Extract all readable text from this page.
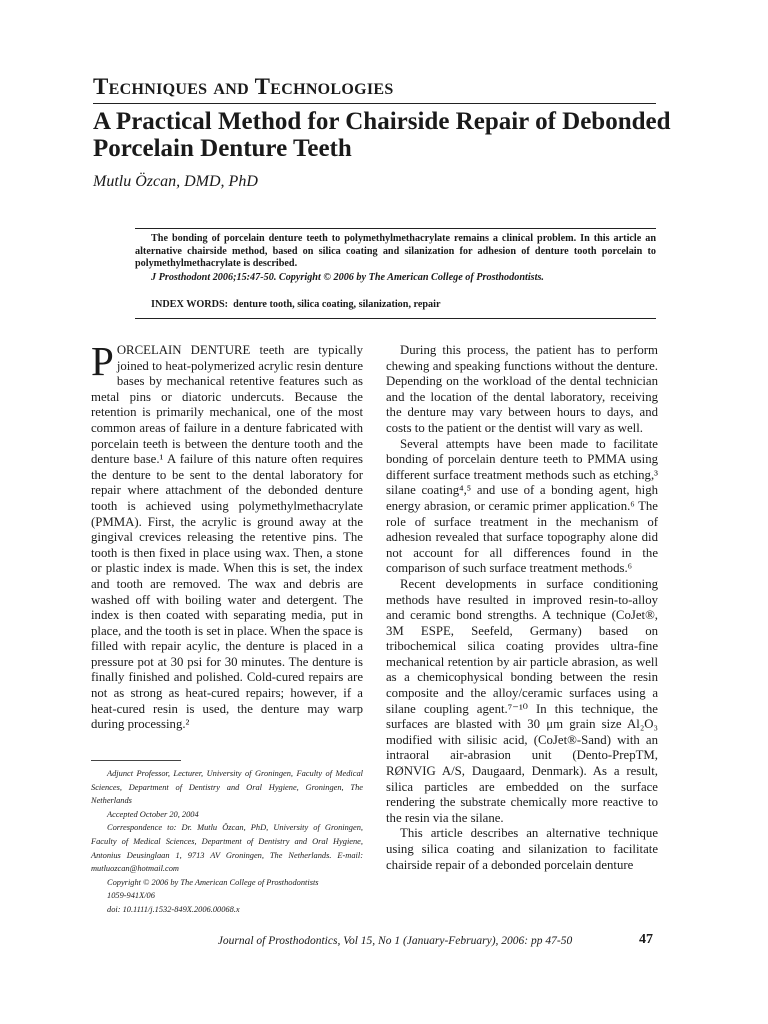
Techniques and Technologies
A Practical Method for Chairside Repair of Debonded Porcelain Denture Teeth
Mutlu Özcan, DMD, PhD

The bonding of porcelain denture teeth to polymethylmethacrylate remains a clinical problem. In this article an alternative chairside method, based on silica coating and silanization for adhesion of denture tooth porcelain to polymethylmethacrylate is described.

J Prosthodont 2006;15:47-50. Copyright © 2006 by The American College of Prosthodontists.
INDEX WORDS: denture tooth, silica coating, silanization, repair

PORCELAIN DENTURE teeth are typically joined to heat-polymerized acrylic resin denture bases by mechanical retentive features such as metal pins or diatoric undercuts. Because the retention is primarily mechanical, one of the most common areas of failure in a denture fabricated with porcelain teeth is between the denture tooth and the denture base.¹ A failure of this nature often requires the denture to be sent to the dental laboratory for repair where attachment of the debonded denture tooth is achieved using polymethylmethacrylate (PMMA). First, the acrylic is ground away at the gingival crevices releasing the retentive pins. The tooth is then fixed in place using wax. Then, a stone or plastic index is made. When this is set, the index and tooth are removed. The wax and debris are washed off with boiling water and detergent. The index is then coated with separating media, put in place, and the tooth is set in place. When the space is filled with repair acylic, the denture is placed in a pressure pot at 30 psi for 30 minutes. The denture is finally finished and polished. Cold-cured repairs are not as strong as heat-cured repairs; however, if a heat-cured resin is used, the denture may warp during processing.²

Adjunct Professor, Lecturer, University of Groningen, Faculty of Medical Sciences, Department of Dentistry and Oral Hygiene, Groningen, The Netherlands

Accepted October 20, 2004

Correspondence to: Dr. Mutlu Özcan, PhD, University of Groningen, Faculty of Medical Sciences, Department of Dentistry and Oral Hygiene, Antonius Deusinglaan 1, 9713 AV Groningen, The Netherlands. E-mail: mutluozcan@hotmail.com

Copyright © 2006 by The American College of Prosthodontists

1059-941X/06

doi: 10.1111/j.1532-849X.2006.00068.x

During this process, the patient has to perform chewing and speaking functions without the denture. Depending on the workload of the dental technician and the location of the dental laboratory, receiving the denture may vary between hours to days, and costs to the patient or the dentist will vary as well.

Several attempts have been made to facilitate bonding of porcelain denture teeth to PMMA using different surface treatment methods such as etching,³ silane coating⁴,⁵ and use of a bonding agent, high energy abrasion, or ceramic primer application.⁶ The role of surface treatment in the mechanism of adhesion revealed that surface topography alone did not account for all differences found in the comparison of such surface treatment methods.⁶

Recent developments in surface conditioning methods have resulted in improved resin-to-alloy and ceramic bond strengths. A technique (CoJet®, 3M ESPE, Seefeld, Germany) based on tribochemical silica coating provides ultra-fine mechanical retention by air particle abrasion, as well as a chemicophysical bonding between the resin composite and the alloy/ceramic surfaces using a silane coupling agent.⁷⁻¹⁰ In this technique, the surfaces are blasted with 30 μm grain size Al₂O₃ modified with silisic acid, (CoJet®-Sand) with an intraoral air-abrasion unit (Dento-PrepTM, RØNVIG A/S, Daugaard, Denmark). As a result, silica particles are embedded on the surface rendering the substrate chemically more reactive to the resin via the silane.

This article describes an alternative technique using silica coating and silanization to facilitate chairside repair of a debonded porcelain denture

Journal of Prosthodontics, Vol 15, No 1 (January-February), 2006: pp 47-50	47
